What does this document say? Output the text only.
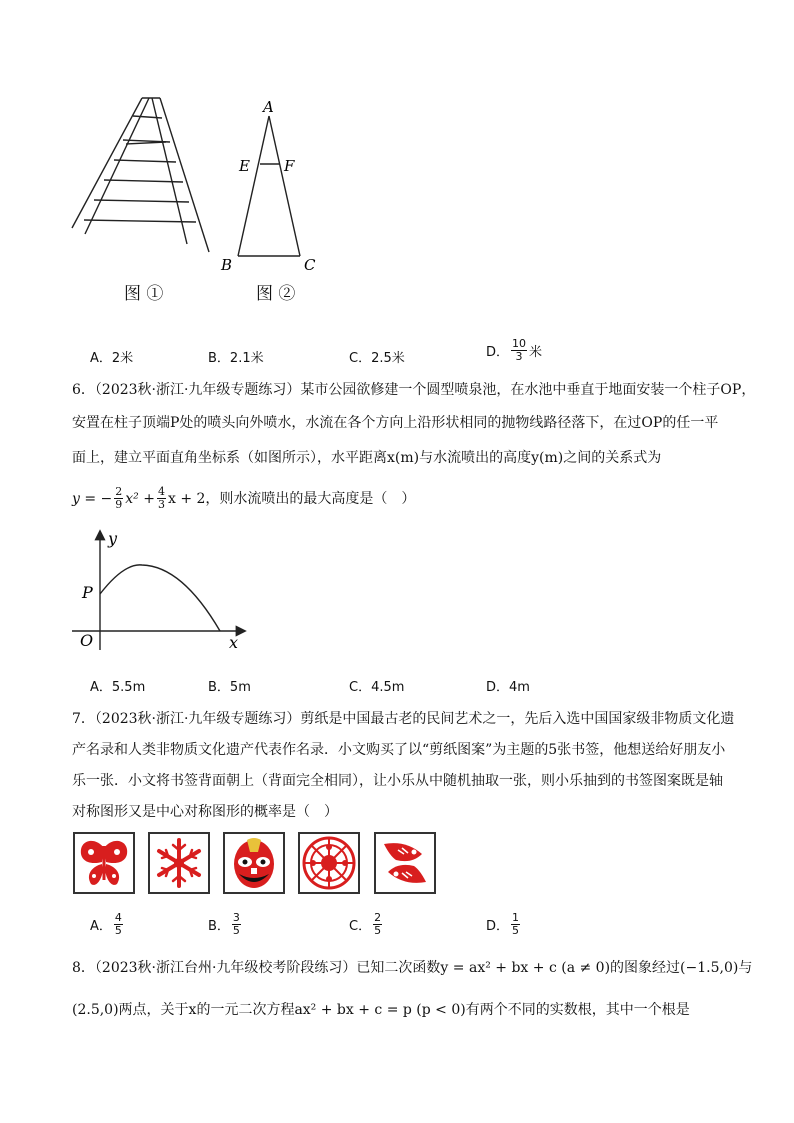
图 ①
A
E F
B	C
图 ②
A．2米	B．2.1米	C．2.5米	D． $\frac{10}{3}$ 米
6．（2023秋·浙江·九年级专题练习）某市公园欲修建一个圆型喷泉池，在水池中垂直于地面安装一个柱子OP，
安置在柱子顶端P处的喷头向外喷水，水流在各个方向上沿形状相同的抛物线路径落下，在过OP的任一平
面上，建立平面直角坐标系（如图所示），水平距离x(m)与水流喷出的高度y(m)之间的关系式为
y = − $\frac{2}{9} x^2 + \frac{4}{3}$ x + 2，则水流喷出的最大高度是（　）
y
P
O	x
A．5.5m	B．5m	C．4.5m	D．4m
7．（2023秋·浙江·九年级专题练习）剪纸是中国最古老的民间艺术之一，先后入选中国国家级非物质文化遗
产名录和人类非物质文化遗产代表作名录．小文购买了以“剪纸图案”为主题的5张书签，他想送给好朋友小
乐一张．小文将书签背面朝上（背面完全相同），让小乐从中随机抽取一张，则小乐抽到的书签图案既是轴
对称图形又是中心对称图形的概率是（　）
A． $\frac{4}{5}$	B． $\frac{3}{5}$	C． $\frac{2}{5}$	D． $\frac{1}{5}$
8．（2023秋·浙江台州·九年级校考阶段练习）已知二次函数y = ax² + bx + c (a ≠ 0)的图象经过(−1.5,0)与
(2.5,0)两点，关于x的一元二次方程ax² + bx + c = p (p < 0)有两个不同的实数根，其中一个根是
